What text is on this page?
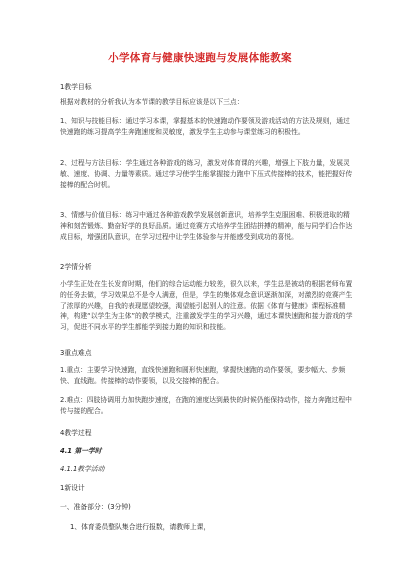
小学体育与健康快速跑与发展体能教案
1教学目标
根据对教材的分析我认为本节课的教学目标应该是以下三点：
1、知识与技能目标：通过学习本课，掌握基本的快速跑动作要领及游戏活动的方法及规则，通过快速跑的练习提高学生奔跑速度和灵敏度，激发学生主动参与课堂练习的积极性。
2、过程与方法目标：学生通过各种游戏的练习，激发对体育课的兴趣，增强上下肢力量，发展灵敏、速度、协调、力量等素质。通过学习使学生能掌握接力跑中下压式传接棒的技术，能把握好传接棒的配合时机。
3、情感与价值目标：练习中通过各种游戏教学发展创新意识，培养学生克服困难、积极进取的精神和刻苦锻炼、勤奋好学的良好品质。通过竞赛方式培养学生团结拼搏的精神，能与同学们合作达成目标，增强团队意识，在学习过程中让学生体验参与并能感受到成功的喜悦。
2学情分析
小学生正处在生长发育时期，他们的综合运动能力较差，很久以来，学生总是被动的根据老师布置的任务去做，学习效果总不是令人满意，但是，学生的集体观念意识逐渐加深，对激烈的竞赛产生了浓厚的兴趣，自我的表现愿望较强，渴望能引起别人的注意。依据《体育与健康》课程标准精神，构建“以学生为主体”的教学模式，注重激发学生的学习兴趣，通过本课快速跑和接力游戏的学习，促进不同水平的学生都能学到接力跑的知识和技能。
3重点难点
1.重点：主要学习快速跑，直线快速跑和圆形快速跑，掌握快速跑的动作要领，要步幅大、步频快、直线跑。传接棒的动作要领，以及交接棒的配合。
2.难点：四肢协调用力加快跑步速度，在跑的速度达到最快的时候仍能保持动作，接力奔跑过程中传与接的配合。
4教学过程
4.1 第一学时
4.1.1教学活动
1新设计
一、准备部分：(3分钟)
1、体育委员整队集合进行报数，请教师上课，
